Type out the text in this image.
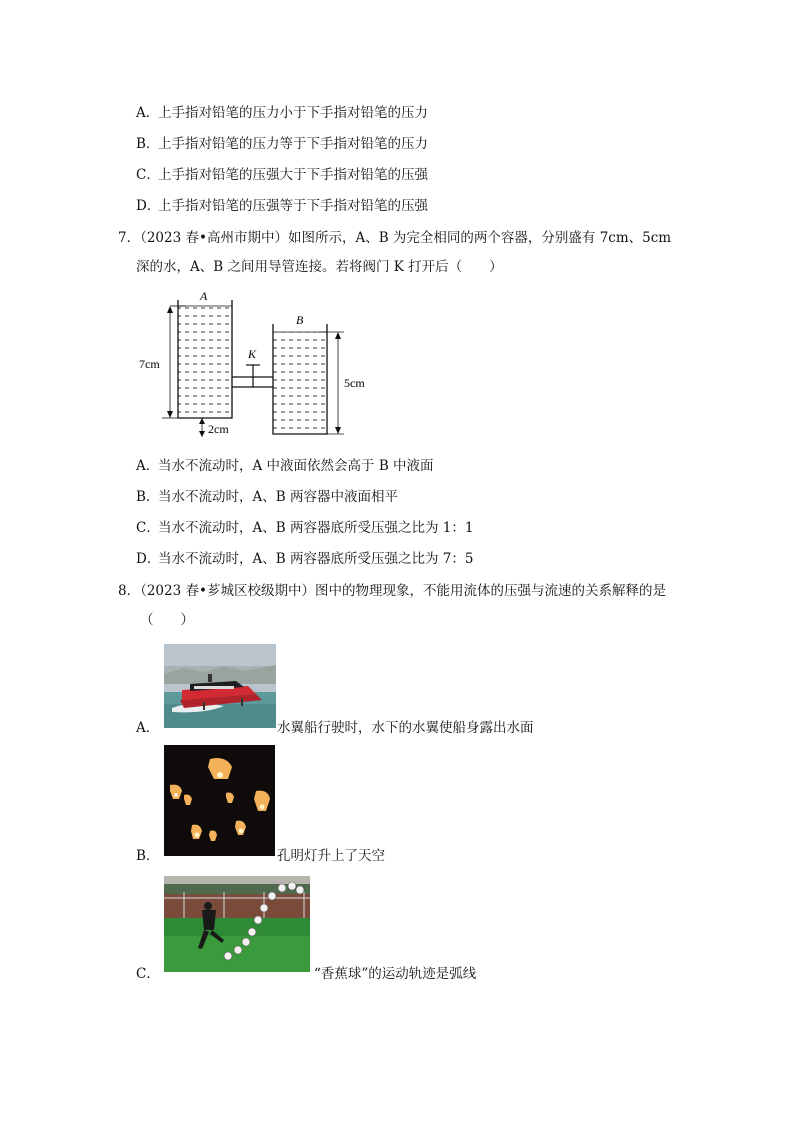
A．上手指对铅笔的压力小于下手指对铅笔的压力
B．上手指对铅笔的压力等于下手指对铅笔的压力
C．上手指对铅笔的压强大于下手指对铅笔的压强
D．上手指对铅笔的压强等于下手指对铅笔的压强
7．（2023 春•高州市期中）如图所示，A、B 为完全相同的两个容器，分别盛有 7cm、5cm
深的水，A、B 之间用导管连接。若将阀门 K 打开后（　　）
K
A
B
7cm
2cm
5cm
A．当水不流动时，A 中液面依然会高于 B 中液面
B．当水不流动时，A、B 两容器中液面相平
C．当水不流动时，A、B 两容器底所受压强之比为 1：1
D．当水不流动时，A、B 两容器底所受压强之比为 7：5
8．（2023 春•芗城区校级期中）图中的物理现象，不能用流体的压强与流速的关系解释的是
（　　）
A．	水翼船行驶时，水下的水翼使船身露出水面
B．	孔明灯升上了天空
C．	“香蕉球”的运动轨迹是弧线
